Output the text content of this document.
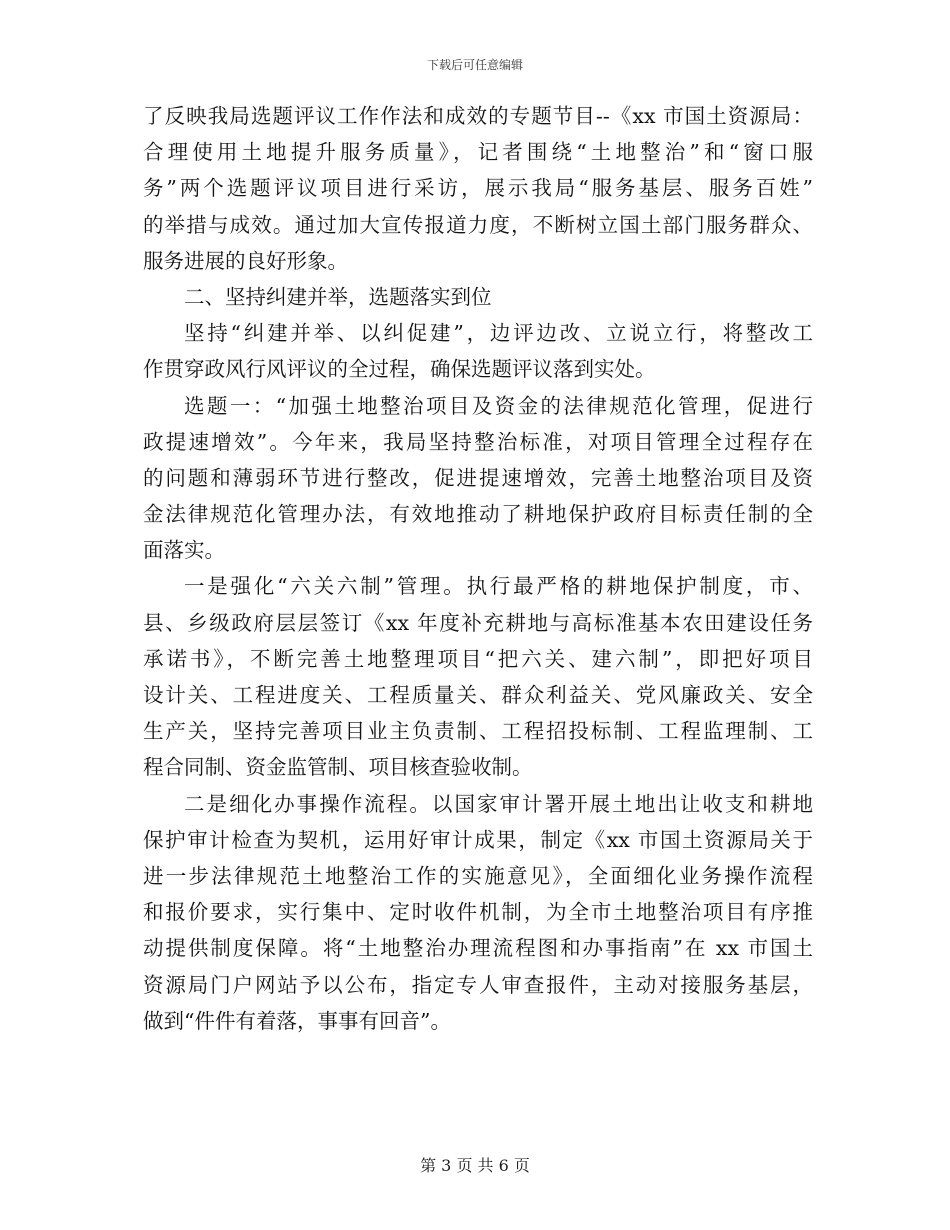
下载后可任意编辑
了反映我局选题评议工作作法和成效的专题节目--《xx 市国土资源局：
合理使用土地提升服务质量》，记者围绕“土地整治”和“窗口服
务”两个选题评议项目进行采访，展示我局“服务基层、服务百姓”
的举措与成效。通过加大宣传报道力度，不断树立国土部门服务群众、
服务进展的良好形象。
二、坚持纠建并举，选题落实到位
坚持“纠建并举、以纠促建”，边评边改、立说立行，将整改工
作贯穿政风行风评议的全过程，确保选题评议落到实处。
选题一：“加强土地整治项目及资金的法律规范化管理，促进行
政提速增效”。今年来，我局坚持整治标准，对项目管理全过程存在
的问题和薄弱环节进行整改，促进提速增效，完善土地整治项目及资
金法律规范化管理办法，有效地推动了耕地保护政府目标责任制的全
面落实。
一是强化“六关六制”管理。执行最严格的耕地保护制度，市、
县、乡级政府层层签订《xx 年度补充耕地与高标准基本农田建设任务
承诺书》，不断完善土地整理项目“把六关、建六制”，即把好项目
设计关、工程进度关、工程质量关、群众利益关、党风廉政关、安全
生产关，坚持完善项目业主负责制、工程招投标制、工程监理制、工
程合同制、资金监管制、项目核查验收制。
二是细化办事操作流程。以国家审计署开展土地出让收支和耕地
保护审计检查为契机，运用好审计成果，制定《xx 市国土资源局关于
进一步法律规范土地整治工作的实施意见》，全面细化业务操作流程
和报价要求，实行集中、定时收件机制，为全市土地整治项目有序推
动提供制度保障。将“土地整治办理流程图和办事指南”在 xx 市国土
资源局门户网站予以公布，指定专人审查报件，主动对接服务基层，
做到“件件有着落，事事有回音”。
第 3 页 共 6 页
